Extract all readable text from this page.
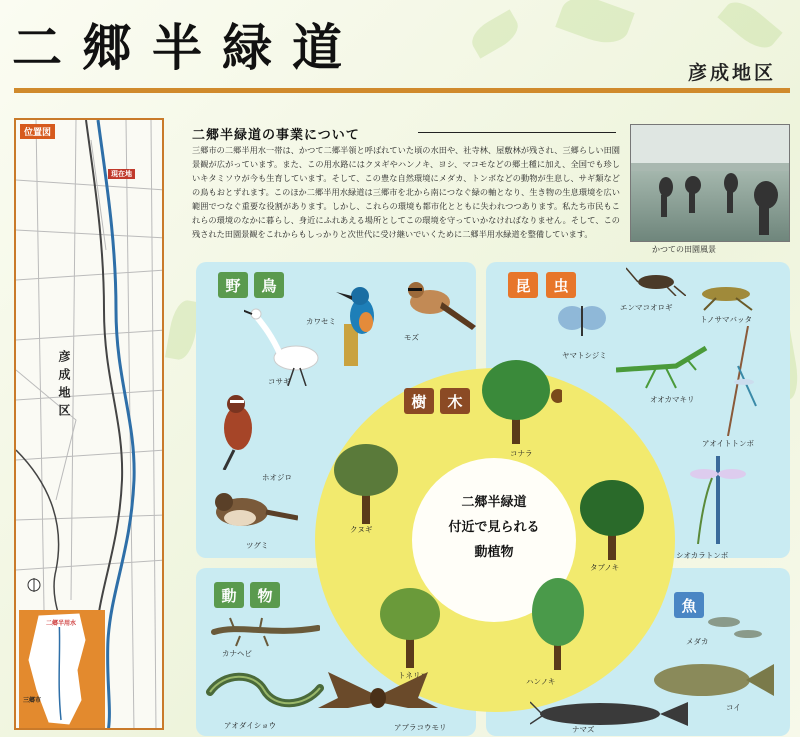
二郷半緑道	彦成地区
位置図
現在地
彦成地区
二郷半用水
三郷市
二郷半緑道の事業について
三郷市の二郷半用水一帯は、かつて二郷半領と呼ばれていた頃の水田や、社寺林、屋敷林が残され、三郷らしい田園景観が広がっています。また、この用水路にはクヌギやハンノキ、ヨシ、マコモなどの郷土種に加え、全国でも珍しいキタミソウが今も生育しています。そして、この豊な自然環境にメダカ、トンボなどの動物が生息し、サギ類などの鳥もおとずれます。このほか二郷半用水緑道は三郷市を北から南につなぐ緑の軸となり、生き物の生息環境を広い範囲でつなぐ重要な役割があります。しかし、これらの環境も都市化とともに失われつつあります。私たち市民もこれらの環境のなかに暮らし、身近にふれあえる場所としてこの環境を守っていかなければなりません。そして、この残された田園景観をこれからもしっかりと次世代に受け継いでいくために二郷半用水緑道を整備しています。
かつての田園風景
二郷半緑道
付近で見られる
動植物
野	鳥	昆	虫
樹	木
動	物
魚
カワセミ
モズ
コサギ
ホオジロ
ツグミ
エンマコオロギ
トノサマバッタ
ヤマトシジミ
オオカマキリ
アオイトトンボ
シオカラトンボ
コナラ
クヌギ
タブノキ
トネリコ
ハンノキ
カナヘビ
アオダイショウ	アブラコウモリ
メダカ
コイ
ナマズ
